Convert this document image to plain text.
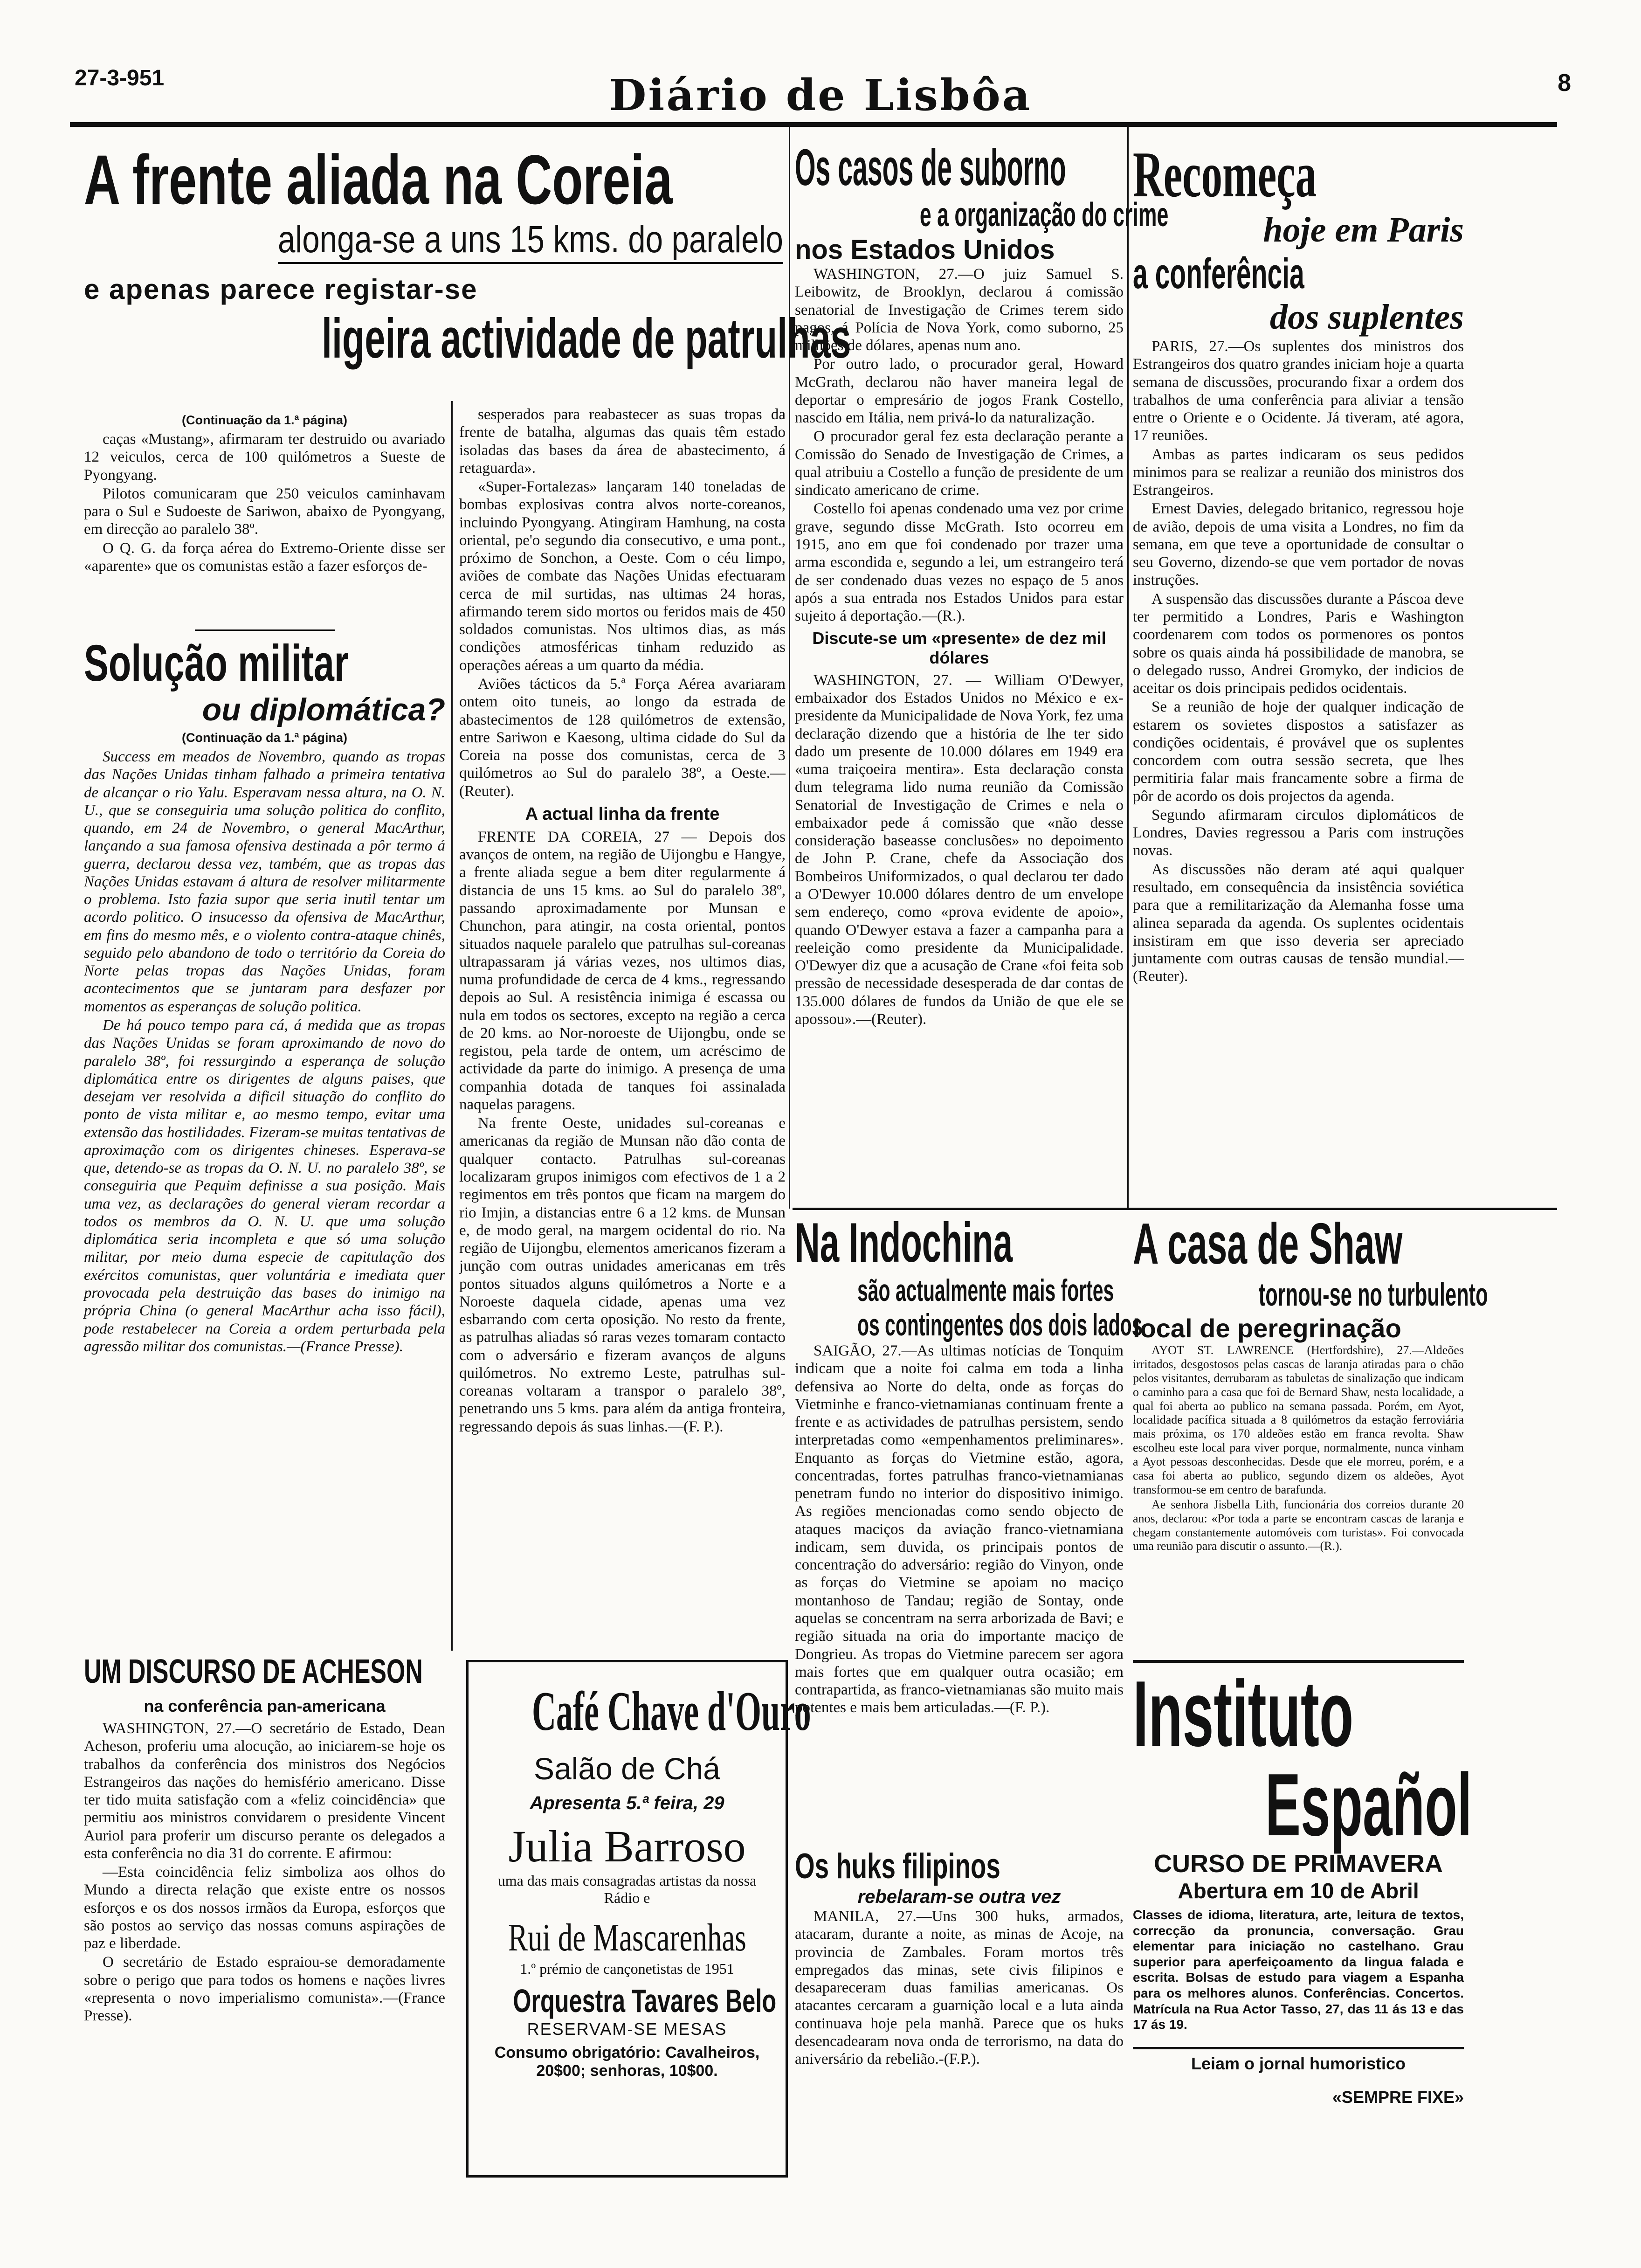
27-3-951	Diário de Lisbôa	8
A frente aliada na Coreia
alonga-se a uns 15 kms. do paralelo
e apenas parece registar-se
ligeira actividade de patrulhas
(Continuação da 1.ª página)

caças «Mustang», afirmaram ter destruido ou avariado 12 veiculos, cerca de 100 quilómetros a Sueste de Pyongyang.

Pilotos comunicaram que 250 veiculos caminhavam para o Sul e Sudoeste de Sariwon, abaixo de Pyongyang, em direcção ao paralelo 38º.

O Q. G. da força aérea do Extremo-Oriente disse ser «aparente» que os comunistas estão a fazer esforços de-

sesperados para reabastecer as suas tropas da frente de batalha, algumas das quais têm estado isoladas das bases da área de abastecimento, á retaguarda».

«Super-Fortalezas» lançaram 140 toneladas de bombas explosivas contra alvos norte-coreanos, incluindo Pyongyang. Atingiram Hamhung, na costa oriental, pe'o segundo dia consecutivo, e uma pont., próximo de Sonchon, a Oeste. Com o céu limpo, aviões de combate das Nações Unidas efectuaram cerca de mil surtidas, nas ultimas 24 horas, afirmando terem sido mortos ou feridos mais de 450 soldados comunistas. Nos ultimos dias, as más condições atmosféricas tinham reduzido as operações aéreas a um quarto da média.

Aviões tácticos da 5.ª Força Aérea avariaram ontem oito tuneis, ao longo da estrada de abastecimentos de 128 quilómetros de extensão, entre Sariwon e Kaesong, ultima cidade do Sul da Coreia na posse dos comunistas, cerca de 3 quilómetros ao Sul do paralelo 38º, a Oeste.—(Reuter).

A actual linha da frente

FRENTE DA COREIA, 27 — Depois dos avanços de ontem, na região de Uijongbu e Hangye, a frente aliada segue a bem diter regularmente á distancia de uns 15 kms. ao Sul do paralelo 38º, passando aproximadamente por Munsan e Chunchon, para atingir, na costa oriental, pontos situados naquele paralelo que patrulhas sul-coreanas ultrapassaram já várias vezes, nos ultimos dias, numa profundidade de cerca de 4 kms., regressando depois ao Sul. A resistência inimiga é escassa ou nula em todos os sectores, excepto na região a cerca de 20 kms. ao Nor-noroeste de Uijongbu, onde se registou, pela tarde de ontem, um acréscimo de actividade da parte do inimigo. A presença de uma companhia dotada de tanques foi assinalada naquelas paragens.

Na frente Oeste, unidades sul-coreanas e americanas da região de Munsan não dão conta de qualquer contacto. Patrulhas sul-coreanas localizaram grupos inimigos com efectivos de 1 a 2 regimentos em três pontos que ficam na margem do rio Imjin, a distancias entre 6 a 12 kms. de Munsan e, de modo geral, na margem ocidental do rio. Na região de Uijongbu, elementos americanos fizeram a junção com outras unidades americanas em três pontos situados alguns quilómetros a Norte e a Noroeste daquela cidade, apenas uma vez esbarrando com certa oposição. No resto da frente, as patrulhas aliadas só raras vezes tomaram contacto com o adversário e fizeram avanços de alguns quilómetros. No extremo Leste, patrulhas sul-coreanas voltaram a transpor o paralelo 38º, penetrando uns 5 kms. para além da antiga fronteira, regressando depois ás suas linhas.—(F. P.).

Solução militar
ou diplomática?
(Continuação da 1.ª página)

Success em meados de Novembro, quando as tropas das Nações Unidas tinham falhado a primeira tentativa de alcançar o rio Yalu. Esperavam nessa altura, na O. N. U., que se conseguiria uma solução politica do conflito, quando, em 24 de Novembro, o general MacArthur, lançando a sua famosa ofensiva destinada a pôr termo á guerra, declarou dessa vez, também, que as tropas das Nações Unidas estavam á altura de resolver militarmente o problema. Isto fazia supor que seria inutil tentar um acordo politico. O insucesso da ofensiva de MacArthur, em fins do mesmo mês, e o violento contra-ataque chinês, seguido pelo abandono de todo o território da Coreia do Norte pelas tropas das Nações Unidas, foram acontecimentos que se juntaram para desfazer por momentos as esperanças de solução politica.

De há pouco tempo para cá, á medida que as tropas das Nações Unidas se foram aproximando de novo do paralelo 38º, foi ressurgindo a esperança de solução diplomática entre os dirigentes de alguns paises, que desejam ver resolvida a dificil situação do conflito do ponto de vista militar e, ao mesmo tempo, evitar uma extensão das hostilidades. Fizeram-se muitas tentativas de aproximação com os dirigentes chineses. Esperava-se que, detendo-se as tropas da O. N. U. no paralelo 38º, se conseguiria que Pequim definisse a sua posição. Mais uma vez, as declarações do general vieram recordar a todos os membros da O. N. U. que uma solução diplomática seria incompleta e que só uma solução militar, por meio duma especie de capitulação dos exércitos comunistas, quer voluntária e imediata quer provocada pela destruição das bases do inimigo na própria China (o general MacArthur acha isso fácil), pode restabelecer na Coreia a ordem perturbada pela agressão militar dos comunistas.—(France Presse).

UM DISCURSO DE ACHESON
na conferência pan-americana

WASHINGTON, 27.—O secretário de Estado, Dean Acheson, proferiu uma alocução, ao iniciarem-se hoje os trabalhos da conferência dos ministros dos Negócios Estrangeiros das nações do hemisfério americano. Disse ter tido muita satisfação com a «feliz coincidência» que permitiu aos ministros convidarem o presidente Vincent Auriol para proferir um discurso perante os delegados a esta conferência no dia 31 do corrente. E afirmou:

—Esta coincidência feliz simboliza aos olhos do Mundo a directa relação que existe entre os nossos esforços e os dos nossos irmãos da Europa, esforços que são postos ao serviço das nossas comuns aspirações de paz e liberdade.

O secretário de Estado espraiou-se demoradamente sobre o perigo que para todos os homens e nações livres «representa o novo imperialismo comunista».—(France Presse).

Café Chave d'Ouro
Salão de Chá
Apresenta 5.ª feira, 29
Julia Barroso
uma das mais consagradas artistas da nossa Rádio e
Rui de Mascarenhas
1.º prémio de cançonetistas de 1951
Orquestra Tavares Belo
RESERVAM-SE MESAS
Consumo obrigatório: Cavalheiros, 20$00; senhoras, 10$00.
Os casos de suborno
e a organização do crime
nos Estados Unidos

WASHINGTON, 27.—O juiz Samuel S. Leibowitz, de Brooklyn, declarou á comissão senatorial de Investigação de Crimes terem sido pagos, á Polícia de Nova York, como suborno, 25 milhões de dólares, apenas num ano.

Por outro lado, o procurador geral, Howard McGrath, declarou não haver maneira legal de deportar o empresário de jogos Frank Costello, nascido em Itália, nem privá-lo da naturalização.

O procurador geral fez esta declaração perante a Comissão do Senado de Investigação de Crimes, a qual atribuiu a Costello a função de presidente de um sindicato americano de crime.

Costello foi apenas condenado uma vez por crime grave, segundo disse McGrath. Isto ocorreu em 1915, ano em que foi condenado por trazer uma arma escondida e, segundo a lei, um estrangeiro terá de ser condenado duas vezes no espaço de 5 anos após a sua entrada nos Estados Unidos para estar sujeito á deportação.—(R.).

Discute-se um «presente» de dez mil dólares

WASHINGTON, 27. — William O'Dewyer, embaixador dos Estados Unidos no México e ex-presidente da Municipalidade de Nova York, fez uma declaração dizendo que a história de lhe ter sido dado um presente de 10.000 dólares em 1949 era «uma traiçoeira mentira». Esta declaração consta dum telegrama lido numa reunião da Comissão Senatorial de Investigação de Crimes e nela o embaixador pede á comissão que «não desse consideração baseasse conclusões» no depoimento de John P. Crane, chefe da Associação dos Bombeiros Uniformizados, o qual declarou ter dado a O'Dewyer 10.000 dólares dentro de um envelope sem endereço, como «prova evidente de apoio», quando O'Dewyer estava a fazer a campanha para a reeleição como presidente da Municipalidade. O'Dewyer diz que a acusação de Crane «foi feita sob pressão de necessidade desesperada de dar contas de 135.000 dólares de fundos da União de que ele se apossou».—(Reuter).

Recomeça
hoje em Paris
a conferência
dos suplentes

PARIS, 27.—Os suplentes dos ministros dos Estrangeiros dos quatro grandes iniciam hoje a quarta semana de discussões, procurando fixar a ordem dos trabalhos de uma conferência para aliviar a tensão entre o Oriente e o Ocidente. Já tiveram, até agora, 17 reuniões.

Ambas as partes indicaram os seus pedidos minimos para se realizar a reunião dos ministros dos Estrangeiros.

Ernest Davies, delegado britanico, regressou hoje de avião, depois de uma visita a Londres, no fim da semana, em que teve a oportunidade de consultar o seu Governo, dizendo-se que vem portador de novas instruções.

A suspensão das discussões durante a Páscoa deve ter permitido a Londres, Paris e Washington coordenarem com todos os pormenores os pontos sobre os quais ainda há possibilidade de manobra, se o delegado russo, Andrei Gromyko, der indicios de aceitar os dois principais pedidos ocidentais.

Se a reunião de hoje der qualquer indicação de estarem os sovietes dispostos a satisfazer as condições ocidentais, é provável que os suplentes concordem com outra sessão secreta, que lhes permitiria falar mais francamente sobre a firma de pôr de acordo os dois projectos da agenda.

Segundo afirmaram circulos diplomáticos de Londres, Davies regressou a Paris com instruções novas.

As discussões não deram até aqui qualquer resultado, em consequência da insistência soviética para que a remilitarização da Alemanha fosse uma alinea separada da agenda. Os suplentes ocidentais insistiram em que isso deveria ser apreciado juntamente com outras causas de tensão mundial.—(Reuter).

Na Indochina
são actualmente mais fortes
os contingentes dos dois lados

SAIGÃO, 27.—As ultimas notícias de Tonquim indicam que a noite foi calma em toda a linha defensiva ao Norte do delta, onde as forças do Vietminhe e franco-vietnamianas continuam frente a frente e as actividades de patrulhas persistem, sendo interpretadas como «empenhamentos preliminares». Enquanto as forças do Vietmine estão, agora, concentradas, fortes patrulhas franco-vietnamianas penetram fundo no interior do dispositivo inimigo. As regiões mencionadas como sendo objecto de ataques maciços da aviação franco-vietnamiana indicam, sem duvida, os principais pontos de concentração do adversário: região do Vinyon, onde as forças do Vietmine se apoiam no maciço montanhoso de Tandau; região de Sontay, onde aquelas se concentram na serra arborizada de Bavi; e região situada na oria do importante maciço de Dongrieu. As tropas do Vietmine parecem ser agora mais fortes que em qualquer outra ocasião; em contrapartida, as franco-vietnamianas são muito mais potentes e mais bem articuladas.—(F. P.).

Os huks filipinos
rebelaram-se outra vez

MANILA, 27.—Uns 300 huks, armados, atacaram, durante a noite, as minas de Acoje, na provincia de Zambales. Foram mortos três empregados das minas, sete civis filipinos e desapareceram duas familias americanas. Os atacantes cercaram a guarnição local e a luta ainda continuava hoje pela manhã. Parece que os huks desencadearam nova onda de terrorismo, na data do aniversário da rebelião.-(F.P.).

A casa de Shaw
tornou-se no turbulento
local de peregrinação

AYOT ST. LAWRENCE (Hertfordshire), 27.—Aldeões irritados, desgostosos pelas cascas de laranja atiradas para o chão pelos visitantes, derrubaram as tabuletas de sinalização que indicam o caminho para a casa que foi de Bernard Shaw, nesta localidade, a qual foi aberta ao publico na semana passada. Porém, em Ayot, localidade pacífica situada a 8 quilómetros da estação ferroviária mais próxima, os 170 aldeões estão em franca revolta. Shaw escolheu este local para viver porque, normalmente, nunca vinham a Ayot pessoas desconhecidas. Desde que ele morreu, porém, e a casa foi aberta ao publico, segundo dizem os aldeões, Ayot transformou-se em centro de barafunda.

Ae senhora Jisbella Lith, funcionária dos correios durante 20 anos, declarou: «Por toda a parte se encontram cascas de laranja e chegam constantemente automóveis com turistas». Foi convocada uma reunião para discutir o assunto.—(R.).

Instituto
Español
CURSO DE PRIMAVERA
Abertura em 10 de Abril

Classes de idioma, literatura, arte, leitura de textos, correcção da pronuncia, conversação. Grau elementar para iniciação no castelhano. Grau superior para aperfeiçoamento da lingua falada e escrita. Bolsas de estudo para viagem a Espanha para os melhores alunos. Conferências. Concertos. Matrícula na Rua Actor Tasso, 27, das 11 ás 13 e das 17 ás 19.

Leiam o jornal humoristico
«SEMPRE FIXE»
